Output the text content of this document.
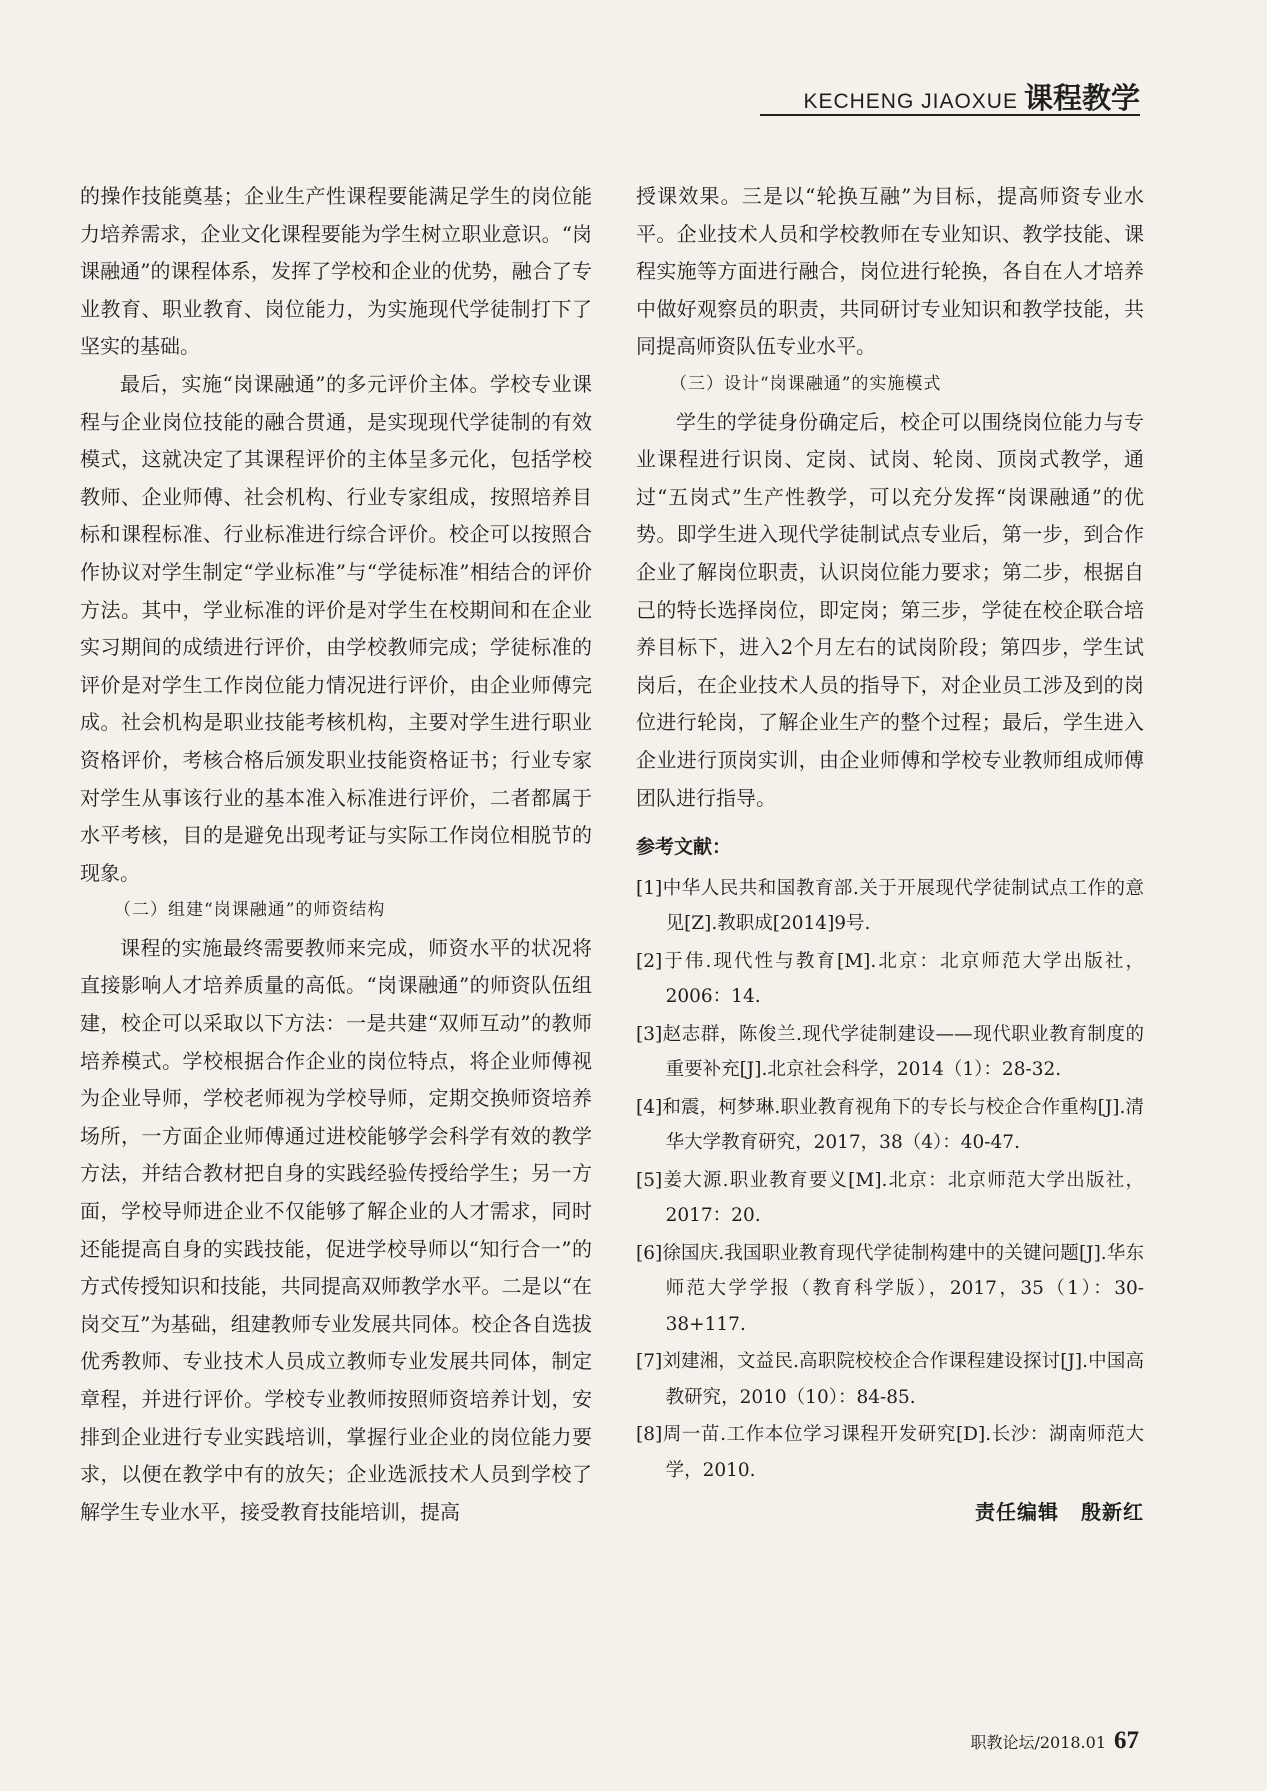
KECHENG JIAOXUE 课程教学

的操作技能奠基；企业生产性课程要能满足学生的岗位能力培养需求，企业文化课程要能为学生树立职业意识。“岗课融通”的课程体系，发挥了学校和企业的优势，融合了专业教育、职业教育、岗位能力，为实施现代学徒制打下了坚实的基础。

最后，实施“岗课融通”的多元评价主体。学校专业课程与企业岗位技能的融合贯通，是实现现代学徒制的有效模式，这就决定了其课程评价的主体呈多元化，包括学校教师、企业师傅、社会机构、行业专家组成，按照培养目标和课程标准、行业标准进行综合评价。校企可以按照合作协议对学生制定“学业标准”与“学徒标准”相结合的评价方法。其中，学业标准的评价是对学生在校期间和在企业实习期间的成绩进行评价，由学校教师完成；学徒标准的评价是对学生工作岗位能力情况进行评价，由企业师傅完成。社会机构是职业技能考核机构，主要对学生进行职业资格评价，考核合格后颁发职业技能资格证书；行业专家对学生从事该行业的基本准入标准进行评价，二者都属于水平考核，目的是避免出现考证与实际工作岗位相脱节的现象。

（二）组建“岗课融通”的师资结构

课程的实施最终需要教师来完成，师资水平的状况将直接影响人才培养质量的高低。“岗课融通”的师资队伍组建，校企可以采取以下方法：一是共建“双师互动”的教师培养模式。学校根据合作企业的岗位特点，将企业师傅视为企业导师，学校老师视为学校导师，定期交换师资培养场所，一方面企业师傅通过进校能够学会科学有效的教学方法，并结合教材把自身的实践经验传授给学生；另一方面，学校导师进企业不仅能够了解企业的人才需求，同时还能提高自身的实践技能，促进学校导师以“知行合一”的方式传授知识和技能，共同提高双师教学水平。二是以“在岗交互”为基础，组建教师专业发展共同体。校企各自选拔优秀教师、专业技术人员成立教师专业发展共同体，制定章程，并进行评价。学校专业教师按照师资培养计划，安排到企业进行专业实践培训，掌握行业企业的岗位能力要求，以便在教学中有的放矢；企业选派技术人员到学校了解学生专业水平，接受教育技能培训，提高

授课效果。三是以“轮换互融”为目标，提高师资专业水平。企业技术人员和学校教师在专业知识、教学技能、课程实施等方面进行融合，岗位进行轮换，各自在人才培养中做好观察员的职责，共同研讨专业知识和教学技能，共同提高师资队伍专业水平。

（三）设计“岗课融通”的实施模式

学生的学徒身份确定后，校企可以围绕岗位能力与专业课程进行识岗、定岗、试岗、轮岗、顶岗式教学，通过“五岗式”生产性教学，可以充分发挥“岗课融通”的优势。即学生进入现代学徒制试点专业后，第一步，到合作企业了解岗位职责，认识岗位能力要求；第二步，根据自己的特长选择岗位，即定岗；第三步，学徒在校企联合培养目标下，进入2个月左右的试岗阶段；第四步，学生试岗后，在企业技术人员的指导下，对企业员工涉及到的岗位进行轮岗，了解企业生产的整个过程；最后，学生进入企业进行顶岗实训，由企业师傅和学校专业教师组成师傅团队进行指导。

参考文献：
[1]中华人民共和国教育部.关于开展现代学徒制试点工作的意见[Z].教职成[2014]9号.
[2]于伟.现代性与教育[M].北京：北京师范大学出版社，2006：14.
[3]赵志群，陈俊兰.现代学徒制建设——现代职业教育制度的重要补充[J].北京社会科学，2014（1）：28-32.
[4]和震，柯梦琳.职业教育视角下的专长与校企合作重构[J].清华大学教育研究，2017，38（4）：40-47.
[5]姜大源.职业教育要义[M].北京：北京师范大学出版社，2017：20.
[6]徐国庆.我国职业教育现代学徒制构建中的关键问题[J].华东师范大学学报（教育科学版），2017，35（1）：30-38+117.
[7]刘建湘，文益民.高职院校校企合作课程建设探讨[J].中国高教研究，2010（10）：84-85.
[8]周一苗.工作本位学习课程开发研究[D].长沙：湖南师范大学，2010.
责任编辑 殷新红
职教论坛/2018.01 67
